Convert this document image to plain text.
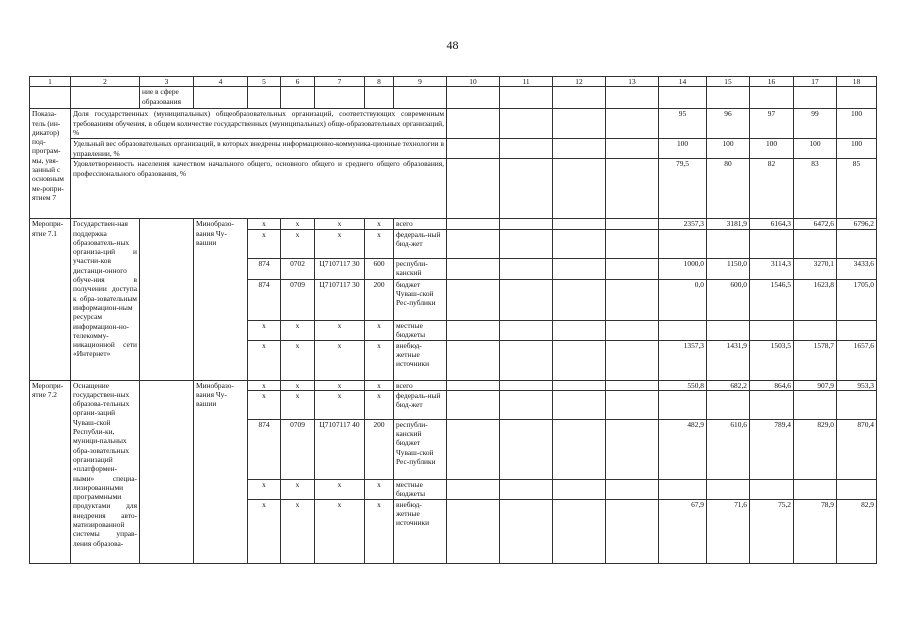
48
1	2	3	4	5	6	7	8	9	10	11	12	13	14	15	16	17	18
		ние в сфере образования															
Показа-тель (ин-дикатор) под-програм-мы, увя-занный с основным ме-ропри-ятием 7	Доля государственных (муниципальных) общеобразовательных организаций, соответствующих современным требованиям обучения, в общем количестве государственных (муниципальных) обще-образовательных организаций, %												95	96	97	99	100
	Удельный вес образовательных организаций, в которых внедрены информационно-коммуника-ционные технологии в управлении, %												100	100	100	100	100
	Удовлетворенность населения качеством начального общего, основного общего и среднего общего образования, профессионального образования, %												79,5	80	82	83	85
Меропри-ятие 7.1	Государствен-ная поддержка образователь-ных организа-ций и участни-ков дистанци-онного обуче-ния в получении доступа к обра-зовательным информацион-ным ресурсам информацион-но-телекомму-никационной сети «Интернет»		Минобразо-вания Чу-вашии	x	x	x	x	всего					2357,3	3181,9	6164,3	6472,6	6796,2
				x	x	x	x	федераль-ный бюд-жет									
				874	0702	Ц7107117 30	600	республи-канский					1000,0	1150,0	3114,3	3270,1	3433,6
				874	0709	Ц7107117 30	200	бюджет Чуваш-ской Рес-публики					0,0	600,0	1546,5	1623,8	1705,0
				x	x	x	x	местные бюджеты									
				x	x	x	x	внебюд-жетные источники					1357,3	1431,9	1503,5	1578,7	1657,6
Меропри-ятие 7.2	Оснащение государствен-ных образова-тельных органи-заций Чуваш-ской Республи-ки, муници-пальных обра-зовательных организаций «платформен-ными» специа-лизированными программными продуктами для внедрения авто-матизированной системы управ-ления образова-		Минобразо-вания Чу-вашии	x	x	x	x	всего					550,8	682,2	864,6	907,9	953,3
				x	x	x	x	федераль-ный бюд-жет									
				874	0709	Ц7107117 40	200	республи-канский бюджет Чуваш-ской Рес-публики					482,9	610,6	789,4	829,0	870,4
				x	x	x	x	местные бюджеты									
				x	x	x	x	внебюд-жетные источники					67,9	71,6	75,2	78,9	82,9
